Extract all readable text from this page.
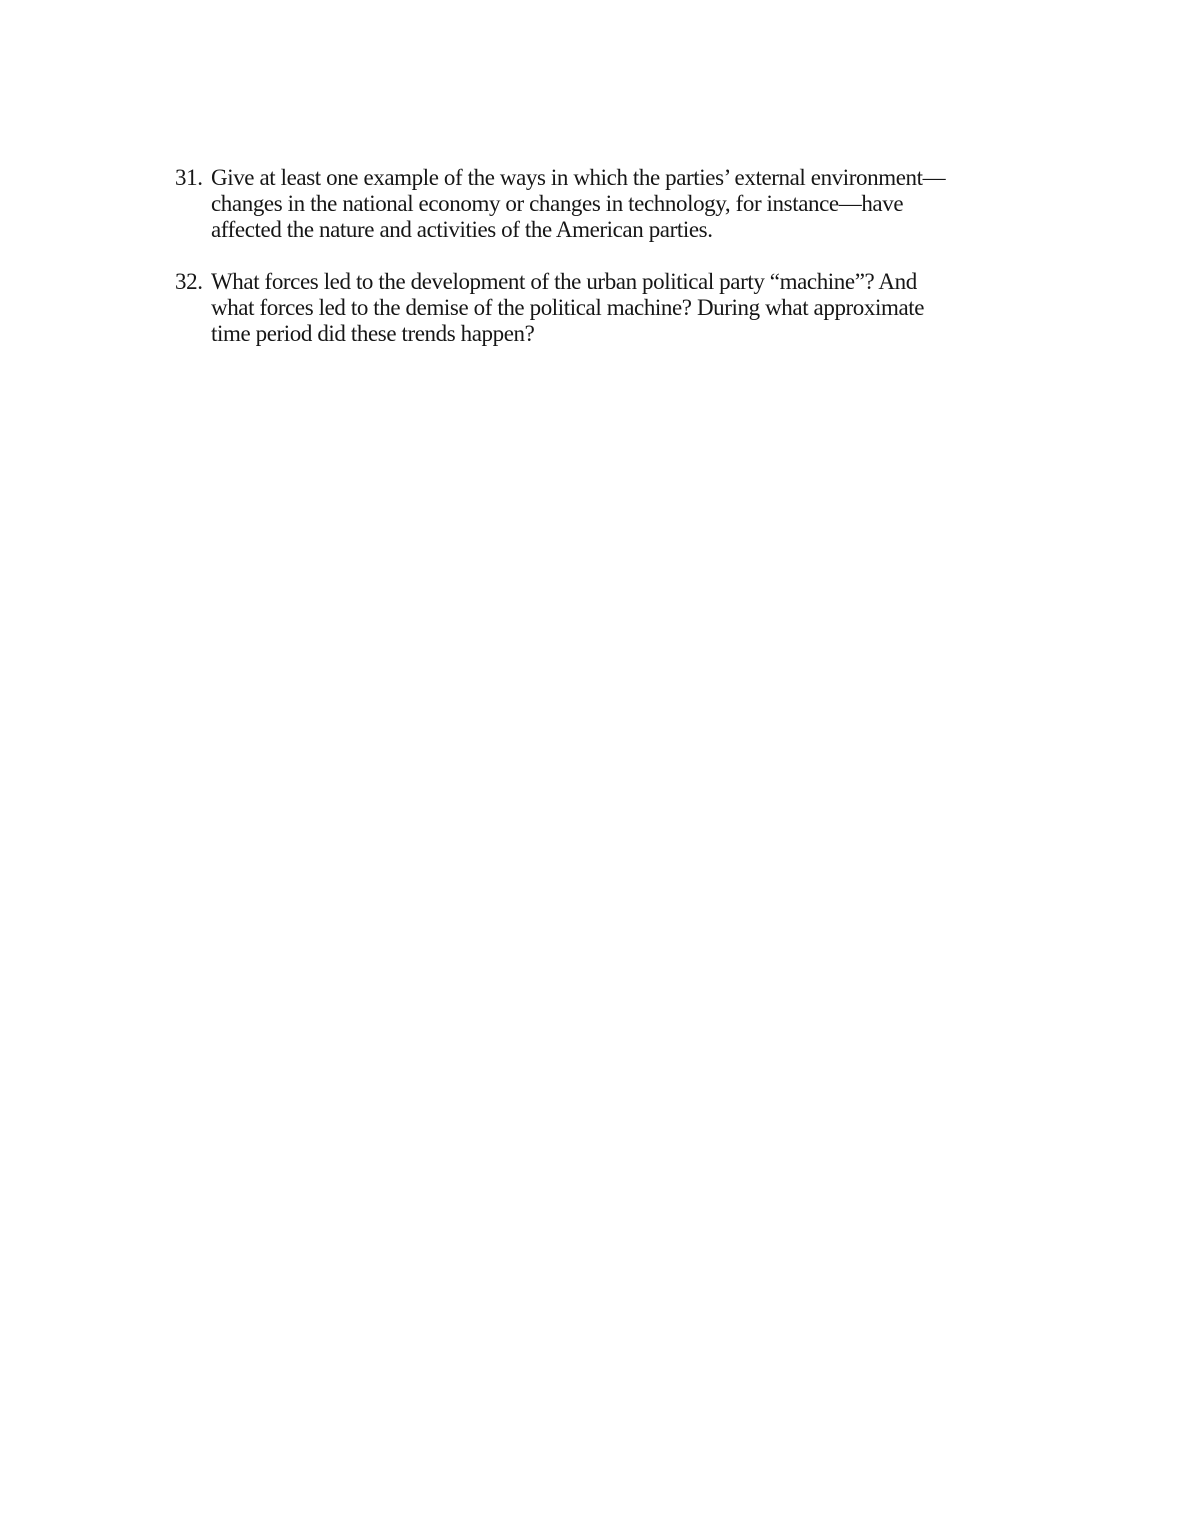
31. Give at least one example of the ways in which the parties’ external environment—
changes in the national economy or changes in technology, for instance—have
affected the nature and activities of the American parties.
32. What forces led to the development of the urban political party “machine”? And
what forces led to the demise of the political machine? During what approximate
time period did these trends happen?
